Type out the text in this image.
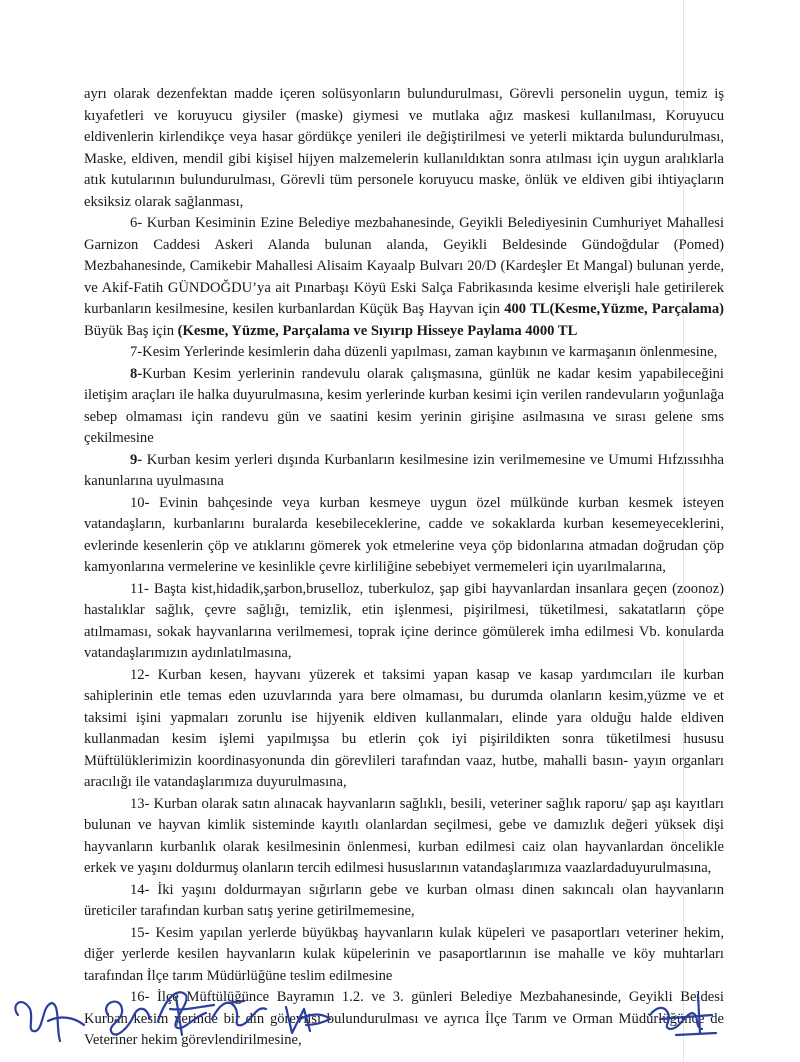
ayrı olarak dezenfektan madde içeren solüsyonların bulundurulması, Görevli personelin uygun, temiz iş kıyafetleri ve koruyucu giysiler (maske) giymesi ve mutlaka ağız maskesi kullanılması, Koruyucu eldivenlerin kirlendikçe veya hasar gördükçe yenileri ile değiştirilmesi ve yeterli miktarda bulundurulması, Maske, eldiven, mendil gibi kişisel hijyen malzemelerin kullanıldıktan sonra atılması için uygun aralıklarla atık kutularının bulundurulması, Görevli tüm personele koruyucu maske, önlük ve eldiven gibi ihtiyaçların eksiksiz olarak sağlanması,

6- Kurban Kesiminin Ezine Belediye mezbahanesinde, Geyikli Belediyesinin Cumhuriyet Mahallesi Garnizon Caddesi Askeri Alanda bulunan alanda, Geyikli Beldesinde Gündoğdular (Pomed) Mezbahanesinde, Camikebir Mahallesi Alisaim Kayaalp Bulvarı 20/D (Kardeşler Et Mangal) bulunan yerde, ve Akif-Fatih GÜNDOĞDU’ya ait Pınarbaşı Köyü Eski Salça Fabrikasında kesime elverişli hale getirilerek kurbanların kesilmesine, kesilen kurbanlardan Küçük Baş Hayvan için 400 TL(Kesme,Yüzme, Parçalama) Büyük Baş için (Kesme, Yüzme, Parçalama ve Sıyırıp Hisseye Paylama 4000 TL

7-Kesim Yerlerinde kesimlerin daha düzenli yapılması, zaman kaybının ve karmaşanın önlenmesine,

8-Kurban Kesim yerlerinin randevulu olarak çalışmasına, günlük ne kadar kesim yapabileceğini iletişim araçları ile halka duyurulmasına, kesim yerlerinde kurban kesimi için verilen randevuların yoğunlağa sebep olmaması için randevu gün ve saatini kesim yerinin girişine asılmasına ve sırası gelene sms çekilmesine

9- Kurban kesim yerleri dışında Kurbanların kesilmesine izin verilmemesine ve Umumi Hıfzıssıhha kanunlarına uyulmasına

10- Evinin bahçesinde veya kurban kesmeye uygun özel mülkünde kurban kesmek isteyen vatandaşların, kurbanlarını buralarda kesebileceklerine, cadde ve sokaklarda kurban kesemeyeceklerini, evlerinde kesenlerin çöp ve atıklarını gömerek yok etmelerine veya çöp bidonlarına atmadan doğrudan çöp kamyonlarına vermelerine ve kesinlikle çevre kirliliğine sebebiyet vermemeleri için uyarılmalarına,

11- Başta kist,hidadik,şarbon,bruselloz, tuberkuloz, şap gibi hayvanlardan insanlara geçen (zoonoz) hastalıklar sağlık, çevre sağlığı, temizlik, etin işlenmesi, pişirilmesi, tüketilmesi, sakatatların çöpe atılmaması, sokak hayvanlarına verilmemesi, toprak içine derince gömülerek imha edilmesi Vb. konularda vatandaşlarımızın aydınlatılmasına,

12- Kurban kesen, hayvanı yüzerek et taksimi yapan kasap ve kasap yardımcıları ile kurban sahiplerinin etle temas eden uzuvlarında yara bere olmaması, bu durumda olanların kesim,yüzme ve et taksimi işini yapmaları zorunlu ise hijyenik eldiven kullanmaları, elinde yara olduğu halde eldiven kullanmadan kesim işlemi yapılmışsa bu etlerin çok iyi pişirildikten sonra tüketilmesi hususu Müftülüklerimizin koordinasyonunda din görevlileri tarafından vaaz, hutbe, mahalli basın- yayın organları aracılığı ile vatandaşlarımıza duyurulmasına,

13- Kurban olarak satın alınacak hayvanların sağlıklı, besili, veteriner sağlık raporu/ şap aşı kayıtları bulunan ve hayvan kimlik sisteminde kayıtlı olanlardan seçilmesi, gebe ve damızlık değeri yüksek dişi hayvanların kurbanlık olarak kesilmesinin önlenmesi, kurban edilmesi caiz olan hayvanlardan öncelikle erkek ve yaşını doldurmuş olanların tercih edilmesi hususlarının vatandaşlarımıza vaazlardaduyurulmasına,

14- İki yaşını doldurmayan sığırların gebe ve kurban olması dinen sakıncalı olan hayvanların üreticiler tarafından kurban satış yerine getirilmemesine,

15- Kesim yapılan yerlerde büyükbaş hayvanların kulak küpeleri ve pasaportları veteriner hekim, diğer yerlerde kesilen hayvanların kulak küpelerinin ve pasaportlarının ise mahalle ve köy muhtarları tarafından İlçe tarım Müdürlüğüne teslim edilmesine

16- İlçe Müftülüğünce Bayramın 1.2. ve 3. günleri Belediye Mezbahanesinde, Geyikli Beldesi Kurban kesim yerinde bir din görevlisi bulundurulması ve ayrıca İlçe Tarım ve Orman Müdürlüğünce de Veteriner hekim görevlendirilmesine,
